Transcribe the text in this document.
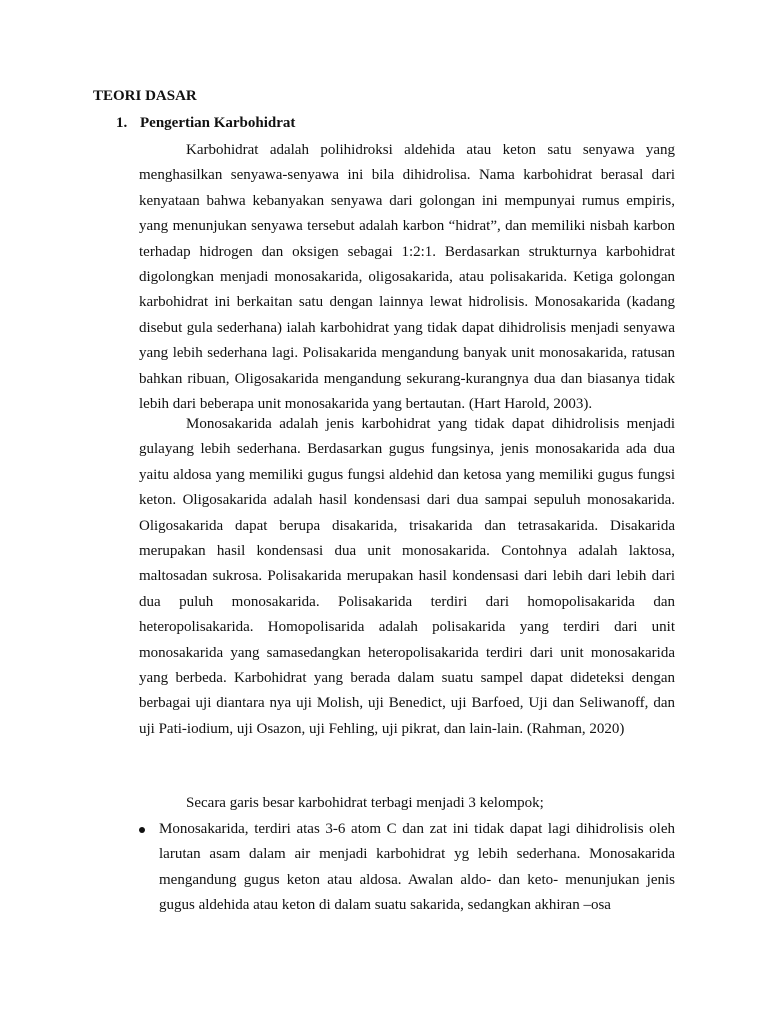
TEORI DASAR
1. Pengertian Karbohidrat

Karbohidrat adalah polihidroksi aldehida atau keton satu senyawa yang menghasilkan senyawa-senyawa ini bila dihidrolisa. Nama karbohidrat berasal dari kenyataan bahwa kebanyakan senyawa dari golongan ini mempunyai rumus empiris, yang menunjukan senyawa tersebut adalah karbon “hidrat”, dan memiliki nisbah karbon terhadap hidrogen dan oksigen sebagai 1:2:1. Berdasarkan strukturnya karbohidrat digolongkan menjadi monosakarida, oligosakarida, atau polisakarida. Ketiga golongan karbohidrat ini berkaitan satu dengan lainnya lewat hidrolisis. Monosakarida (kadang disebut gula sederhana) ialah karbohidrat yang tidak dapat dihidrolisis menjadi senyawa yang lebih sederhana lagi. Polisakarida mengandung banyak unit monosakarida, ratusan bahkan ribuan, Oligosakarida mengandung sekurang-kurangnya dua dan biasanya tidak lebih dari beberapa unit monosakarida yang bertautan. (Hart Harold, 2003).

Monosakarida adalah jenis karbohidrat yang tidak dapat dihidrolisis menjadi gulayang lebih sederhana. Berdasarkan gugus fungsinya, jenis monosakarida ada dua yaitu aldosa yang memiliki gugus fungsi aldehid dan ketosa yang memiliki gugus fungsi keton. Oligosakarida adalah hasil kondensasi dari dua sampai sepuluh monosakarida. Oligosakarida dapat berupa disakarida, trisakarida dan tetrasakarida. Disakarida merupakan hasil kondensasi dua unit monosakarida. Contohnya adalah laktosa, maltosadan sukrosa. Polisakarida merupakan hasil kondensasi dari lebih dari lebih dari dua puluh monosakarida. Polisakarida terdiri dari homopolisakarida dan heteropolisakarida. Homopolisarida adalah polisakarida yang terdiri dari unit monosakarida yang samasedangkan heteropolisakarida terdiri dari unit monosakarida yang berbeda. Karbohidrat yang berada dalam suatu sampel dapat dideteksi dengan berbagai uji diantara nya uji Molish, uji Benedict, uji Barfoed, Uji dan Seliwanoff, dan uji Pati-iodium, uji Osazon, uji Fehling, uji pikrat, dan lain-lain. (Rahman, 2020)

Secara garis besar karbohidrat terbagi menjadi 3 kelompok;

Monosakarida, terdiri atas 3-6 atom C dan zat ini tidak dapat lagi dihidrolisis oleh larutan asam dalam air menjadi karbohidrat yg lebih sederhana. Monosakarida mengandung gugus keton atau aldosa. Awalan aldo- dan keto- menunjukan jenis gugus aldehida atau keton di dalam suatu sakarida, sedangkan akhiran –osa
